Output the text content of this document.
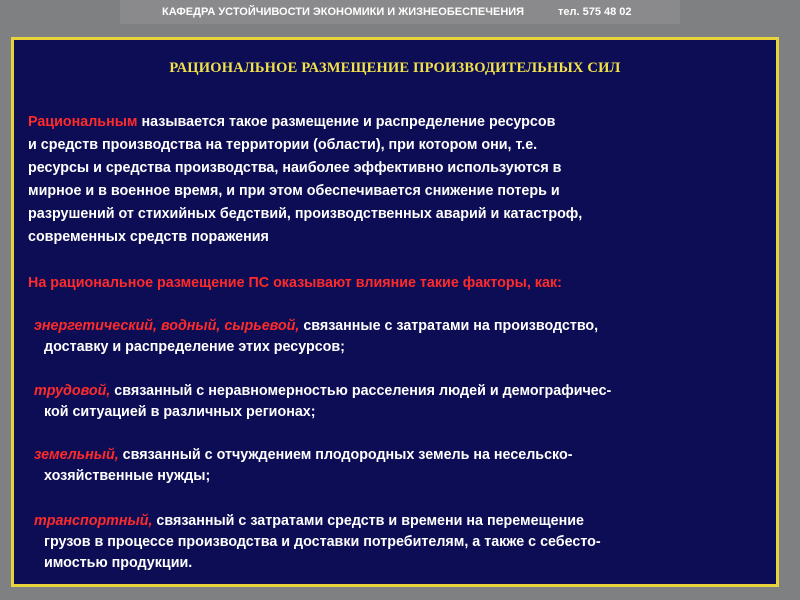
КАФЕДРА УСТОЙЧИВОСТИ ЭКОНОМИКИ И ЖИЗНЕОБЕСПЕЧЕНИЯ	тел. 575 48 02
РАЦИОНАЛЬНОЕ РАЗМЕЩЕНИЕ ПРОИЗВОДИТЕЛЬНЫХ СИЛ
Рациональным называется такое размещение и распределение ресурсов
и средств производства на территории (области), при котором они, т.е.
ресурсы и средства производства, наиболее эффективно используются в
мирное и в военное время, и при этом обеспечивается снижение потерь и
разрушений от стихийных бедствий, производственных аварий и катастроф,
современных средств поражения
На рациональное размещение ПС оказывают влияние такие факторы, как:
энергетический, водный, сырьевой, связанные с затратами на производство,
доставку и распределение этих ресурсов;
трудовой, связанный с неравномерностью расселения людей и демографичес-
кой ситуацией в различных регионах;
земельный, связанный с отчуждением плодородных земель на несельско-
хозяйственные нужды;
транспортный, связанный с затратами средств и времени на перемещение
грузов в процессе производства и доставки потребителям, а также с себесто-
имостью продукции.
